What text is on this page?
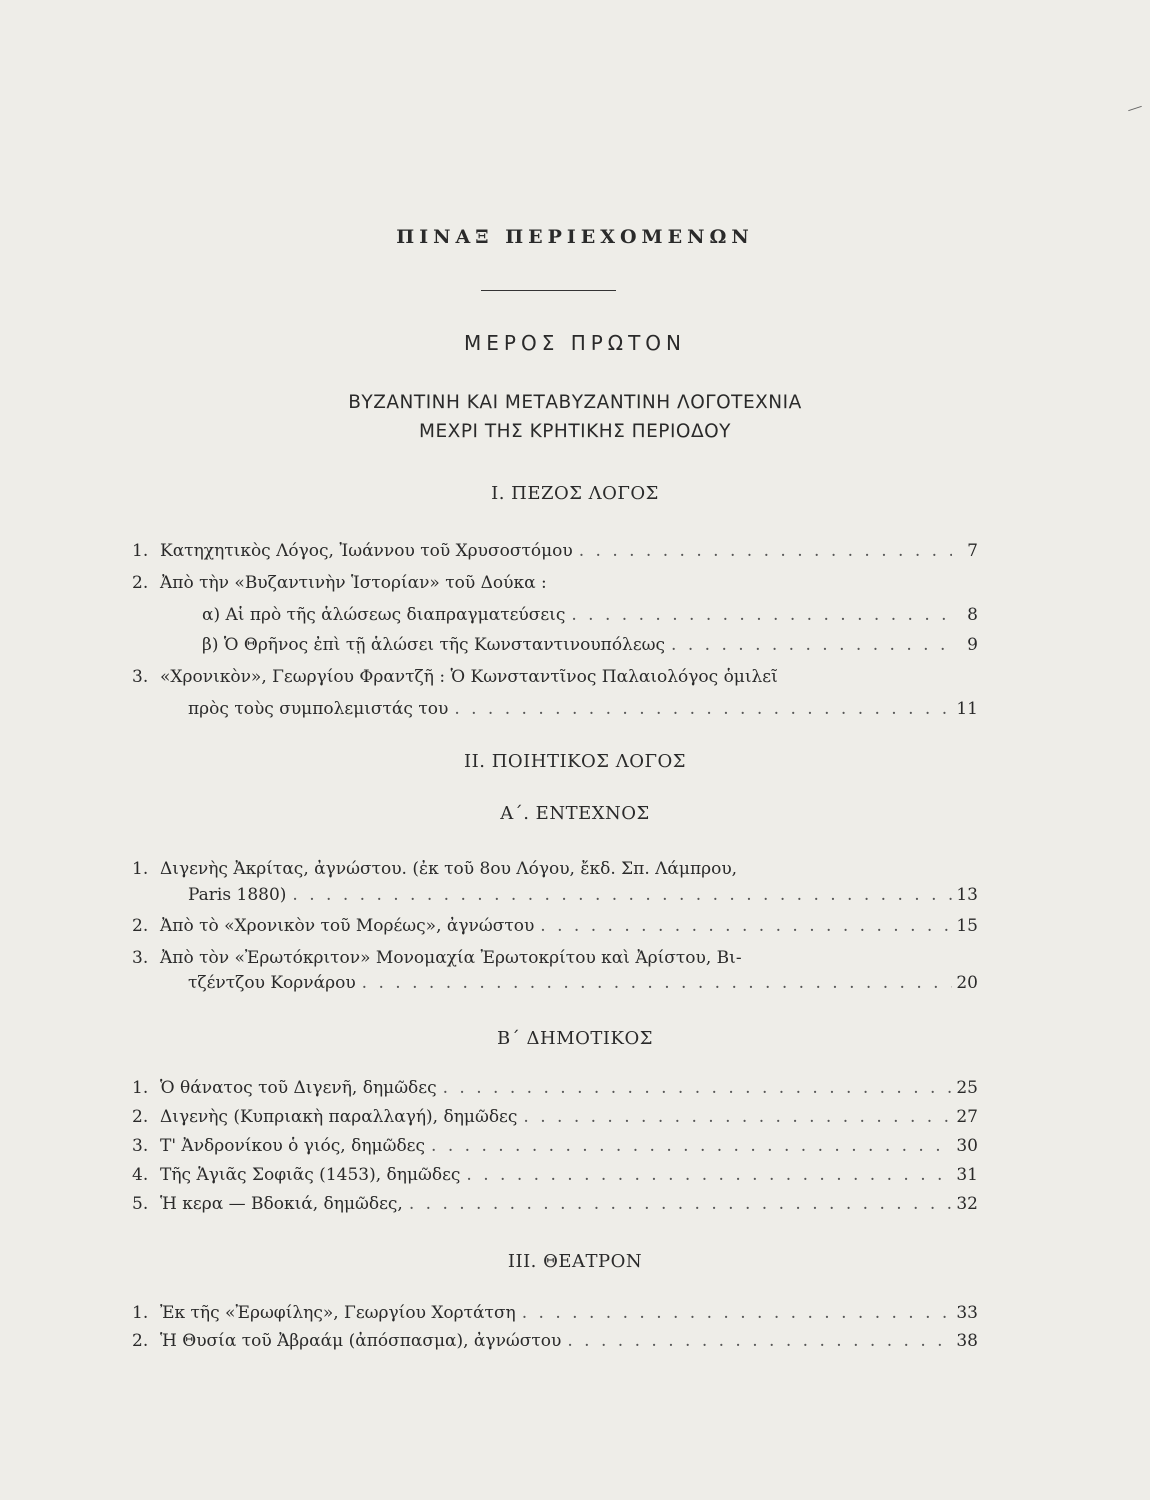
ΠΙΝΑΞ ΠΕΡΙΕΧΟΜΕΝΩΝ
ΜΕΡΟΣ ΠΡΩΤΟΝ
ΒΥΖΑΝΤΙΝΗ ΚΑΙ ΜΕΤΑΒΥΖΑΝΤΙΝΗ ΛΟΓΟΤΕΧΝΙΑ
ΜΕΧΡΙ ΤΗΣ ΚΡΗΤΙΚΗΣ ΠΕΡΙΟΔΟΥ
Ι. ΠΕΖΟΣ ΛΟΓΟΣ
1. Κατηχητικὸς Λόγος, Ἰωάννου τοῦ Χρυσοστόμου . . .	7
2. Ἀπὸ τὴν «Βυζαντινὴν Ἱστορίαν» τοῦ Δούκα :
α) Αἱ πρὸ τῆς ἁλώσεως διαπραγματεύσεις . . .	8
β) Ὁ Θρῆνος ἐπὶ τῇ ἁλώσει τῆς Κωνσταντινουπόλεως . . .	9
3. «Χρονικὸν», Γεωργίου Φραντζῆ : Ὁ Κωνσταντῖνος Παλαιολόγος ὁμιλεῖ
πρὸς τοὺς συμπολεμιστάς του . . .	11
ΙΙ. ΠΟΙΗΤΙΚΟΣ ΛΟΓΟΣ
Α΄. ΕΝΤΕΧΝΟΣ
1. Διγενὴς Ἀκρίτας, ἀγνώστου. (ἐκ τοῦ 8ου Λόγου, ἔκδ. Σπ. Λάμπρου,
Paris 1880) . . .	13
2. Ἀπὸ τὸ «Χρονικὸν τοῦ Μορέως», ἀγνώστου . . .	15
3. Ἀπὸ τὸν «Ἐρωτόκριτον» Μονομαχία Ἐρωτοκρίτου καὶ Ἀρίστου, Βι-
τζέντζου Κορνάρου . . .	20
Β΄ ΔΗΜΟΤΙΚΟΣ
1. Ὁ θάνατος τοῦ Διγενῆ, δημῶδες . . .	25
2. Διγενὴς (Κυπριακὴ παραλλαγή), δημῶδες . . .	27
3. Τ' Ἀνδρονίκου ὁ γιός, δημῶδες . . .	30
4. Τῆς Ἁγιᾶς Σοφιᾶς (1453), δημῶδες . . .	31
5. Ἡ κερα — Βδοκιά, δημῶδες, . . .	32
ΙΙΙ. ΘΕΑΤΡΟΝ
1. Ἐκ τῆς «Ἐρωφίλης», Γεωργίου Χορτάτση . . .	33
2. Ἡ Θυσία τοῦ Ἀβραάμ (ἀπόσπασμα), ἀγνώστου . . .	38
